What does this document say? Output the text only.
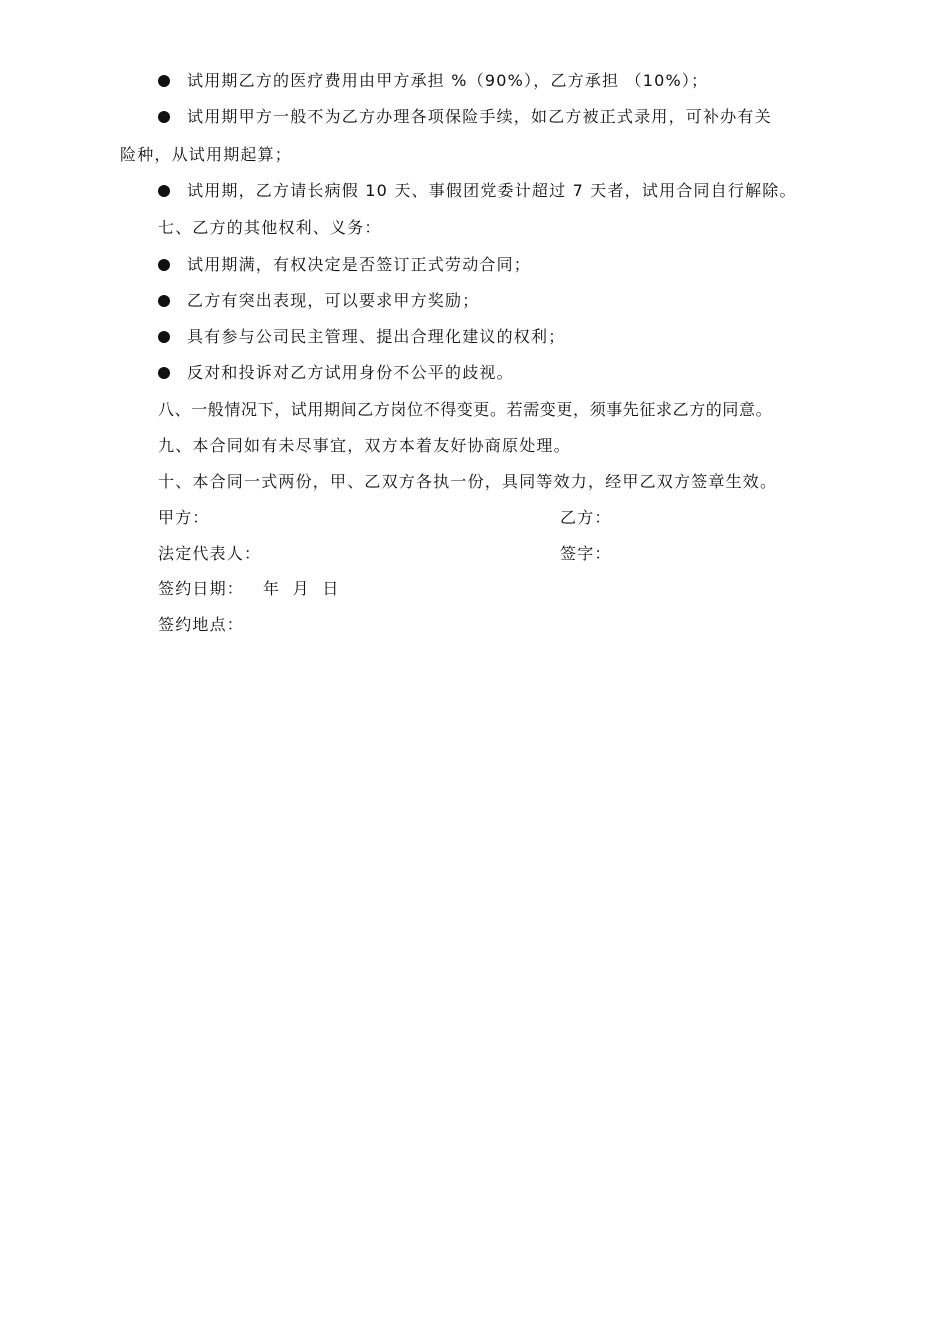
试用期乙方的医疗费用由甲方承担 %（90%），乙方承担 （10%）；
试用期甲方一般不为乙方办理各项保险手续，如乙方被正式录用，可补办有关
险种，从试用期起算；
试用期，乙方请长病假 10 天、事假团党委计超过 7 天者，试用合同自行解除。
七、乙方的其他权利、义务：
试用期满，有权决定是否签订正式劳动合同；
乙方有突出表现，可以要求甲方奖励；
具有参与公司民主管理、提出合理化建议的权利；
反对和投诉对乙方试用身份不公平的歧视。
八、一般情况下，试用期间乙方岗位不得变更。若需变更，须事先征求乙方的同意。
九、本合同如有未尽事宜，双方本着友好协商原处理。
十、本合同一式两份，甲、乙双方各执一份，具同等效力，经甲乙双方签章生效。
甲方：	乙方：
法定代表人：	签字：
签约日期：   年  月  日
签约地点：
